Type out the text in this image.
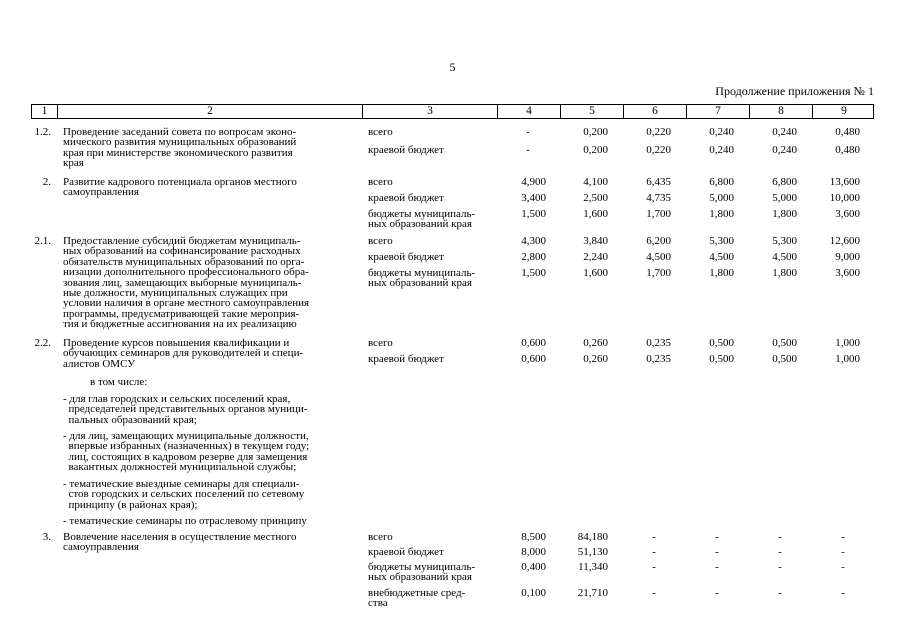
5
Продолжение приложения № 1
1	2	3	4	5	6	7	8	9
1.2. Проведение заседаний совета по вопросам эконо-
мического развития муниципальных образований
края при министерстве экономического развития
края
всего	-	0,200	0,220	0,240	0,240	0,480
краевой бюджет	-	0,200	0,220	0,240	0,240	0,480
2. Развитие кадрового потенциала органов местного
самоуправления
всего	4,900	4,100	6,435	6,800	6,800	13,600
краевой бюджет	3,400	2,500	4,735	5,000	5,000	10,000
бюджеты муниципаль-
ных образований края
1,500	1,600	1,700	1,800	1,800	3,600
2.1. Предоставление субсидий бюджетам муниципаль-
ных образований на софинансирование расходных
обязательств муниципальных образований по орга-
низации дополнительного профессионального обра-
зования лиц, замещающих выборные муниципаль-
ные должности, муниципальных служащих при
условии наличия в органе местного самоуправления
программы, предусматривающей такие мероприя-
тия и бюджетные ассигнования на их реализацию
всего	4,300	3,840	6,200	5,300	5,300	12,600
краевой бюджет	2,800	2,240	4,500	4,500	4,500	9,000
бюджеты муниципаль-
ных образований края
1,500	1,600	1,700	1,800	1,800	3,600
2.2. Проведение курсов повышения квалификации и
обучающих семинаров для руководителей и специ-
алистов ОМСУ
всего	0,600	0,260	0,235	0,500	0,500	1,000
краевой бюджет	0,600	0,260	0,235	0,500	0,500	1,000
3. Вовлечение населения в осуществление местного
самоуправления
всего	8,500	84,180	-	-	-	-
краевой бюджет	8,000	51,130	-	-	-	-
бюджеты муниципаль-
ных образований края
0,400	11,340	-	-	-	-
внебюджетные сред-
ства
0,100	21,710	-	-	-	-
в том числе:
- для глав городских и сельских поселений края,
председателей представительных органов муници-
пальных образований края;
- для лиц, замещающих муниципальные должности,
впервые избранных (назначенных) в текущем году;
лиц, состоящих в кадровом резерве для замещения
вакантных должностей муниципальной службы;
- тематические выездные семинары для специали-
стов городских и сельских поселений по сетевому
принципу (в районах края);
- тематические семинары по отраслевому принципу
